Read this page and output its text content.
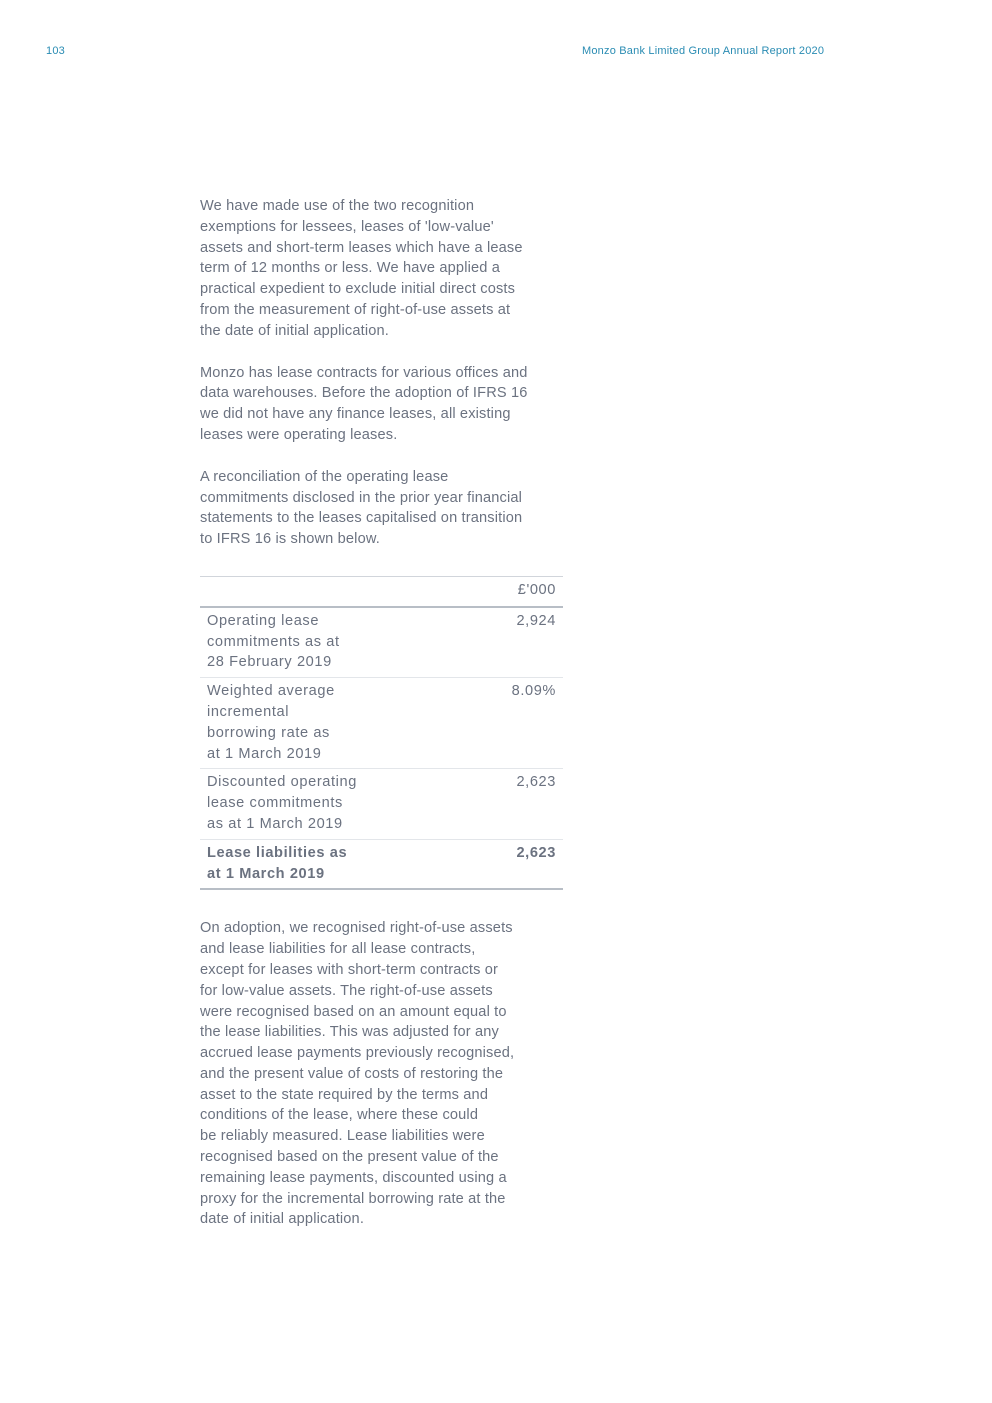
103	Monzo Bank Limited Group Annual Report 2020

We have made use of the two recognition
exemptions for lessees, leases of 'low-value'
assets and short-term leases which have a lease
term of 12 months or less. We have applied a
practical expedient to exclude initial direct costs
from the measurement of right-of-use assets at
the date of initial application.

Monzo has lease contracts for various offices and
data warehouses. Before the adoption of IFRS 16
we did not have any finance leases, all existing
leases were operating leases.

A reconciliation of the operating lease
commitments disclosed in the prior year financial
statements to the leases capitalised on transition
to IFRS 16 is shown below.

	£'000

Operating lease
commitments as at
28 February 2019	2,924

Weighted average
incremental
borrowing rate as
at 1 March 2019	8.09%

Discounted operating
lease commitments
as at 1 March 2019	2,623

Lease liabilities as
at 1 March 2019	2,623

On adoption, we recognised right-of-use assets
and lease liabilities for all lease contracts,
except for leases with short-term contracts or
for low-value assets. The right-of-use assets
were recognised based on an amount equal to
the lease liabilities. This was adjusted for any
accrued lease payments previously recognised,
and the present value of costs of restoring the
asset to the state required by the terms and
conditions of the lease, where these could
be reliably measured. Lease liabilities were
recognised based on the present value of the
remaining lease payments, discounted using a
proxy for the incremental borrowing rate at the
date of initial application.
